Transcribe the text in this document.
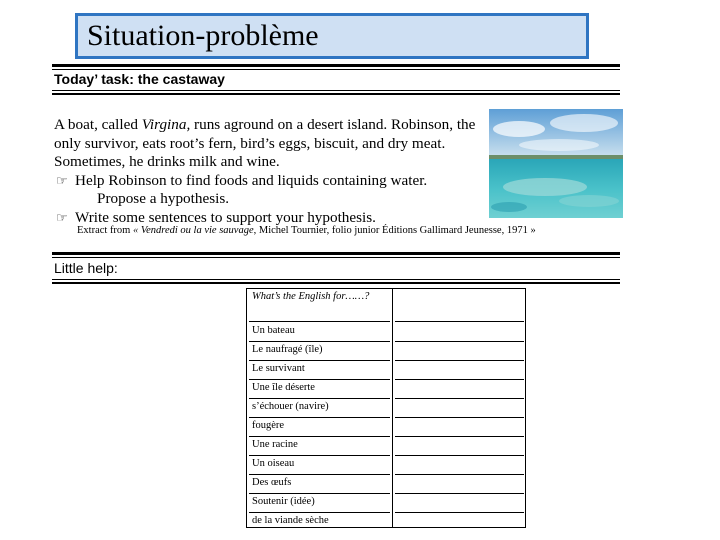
Situation-problème
Today’ task: the castaway

A boat, called Virgina, runs aground on a desert island. Robinson, the

only survivor, eats root’s fern, bird’s eggs, biscuit, and dry meat.

Sometimes, he drinks milk and wine.

☞ Help Robinson to find foods and liquids containing water.

Propose a hypothesis.

☞ Write some sentences to support your hypothesis.

Extract from « Vendredi ou la vie sauvage, Michel Tournier, folio junior Éditions Gallimard Jeunesse, 1971 »
Little help:
What’s the English for……?
Un bateau
Le naufragé (île)
Le survivant
Une île déserte
s’échouer (navire)
fougère
Une racine
Un oiseau
Des œufs
Soutenir (idée)
de la viande sèche
